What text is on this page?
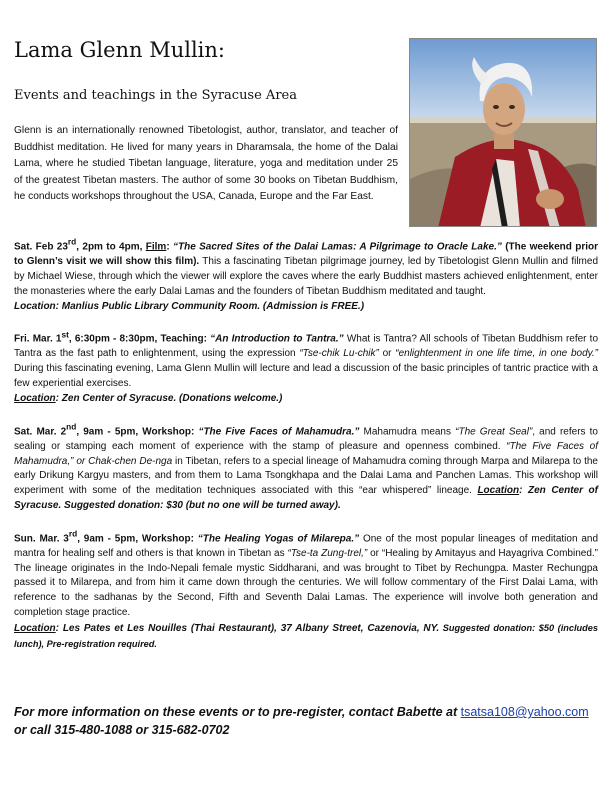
Lama Glenn Mullin:
Events and teachings in the Syracuse Area
Glenn is an internationally renowned Tibetologist, author, translator, and teacher of Buddhist meditation. He lived for many years in Dharamsala, the home of the Dalai Lama, where he studied Tibetan language, literature, yoga and meditation under 25 of the greatest Tibetan masters. The author of some 30 books on Tibetan Buddhism, he conducts workshops throughout the USA, Canada, Europe and the Far East.

Sat. Feb 23rd, 2pm to 4pm, Film: “The Sacred Sites of the Dalai Lamas: A Pilgrimage to Oracle Lake.” (The weekend prior to Glenn’s visit we will show this film). This a fascinating Tibetan pilgrimage journey, led by Tibetologist Glenn Mullin and filmed by Michael Wiese, through which the viewer will explore the caves where the early Buddhist masters achieved enlightenment, enter the monasteries where the early Dalai Lamas and the founders of Tibetan Buddhism meditated and taught.
Location: Manlius Public Library Community Room. (Admission is FREE.)

Fri. Mar. 1st, 6:30pm - 8:30pm, Teaching: “An Introduction to Tantra.” What is Tantra? All schools of Tibetan Buddhism refer to Tantra as the fast path to enlightenment, using the expression “Tse-chik Lu-chik” or “enlightenment in one life time, in one body.” During this fascinating evening, Lama Glenn Mullin will lecture and lead a discussion of the basic principles of tantric practice with a few experiential exercises.
Location: Zen Center of Syracuse. (Donations welcome.)

Sat. Mar. 2nd, 9am - 5pm, Workshop: “The Five Faces of Mahamudra.” Mahamudra means “The Great Seal”, and refers to sealing or stamping each moment of experience with the stamp of pleasure and openness combined. “The Five Faces of Mahamudra,” or Chak-chen De-nga in Tibetan, refers to a special lineage of Mahamudra coming through Marpa and Milarepa to the early Drikung Kargyu masters, and from them to Lama Tsongkhapa and the Dalai Lama and Panchen Lamas. This workshop will experiment with some of the meditation techniques associated with this “ear whispered” lineage. Location: Zen Center of Syracuse. Suggested donation: $30 (but no one will be turned away).

Sun. Mar. 3rd, 9am - 5pm, Workshop: “The Healing Yogas of Milarepa.” One of the most popular lineages of meditation and mantra for healing self and others is that known in Tibetan as “Tse-ta Zung-trel,” or “Healing by Amitayus and Hayagriva Combined.” The lineage originates in the Indo-Nepali female mystic Siddharani, and was brought to Tibet by Rechungpa. Master Rechungpa passed it to Milarepa, and from him it came down through the centuries. We will follow commentary of the First Dalai Lama, with reference to the sadhanas by the Second, Fifth and Seventh Dalai Lamas. The experience will involve both generation and completion stage practice.
Location: Les Pates et Les Nouilles (Thai Restaurant), 37 Albany Street, Cazenovia, NY. Suggested donation: $50 (includes lunch), Pre-registration required.

For more information on these events or to pre-register, contact Babette at tsatsa108@yahoo.com
or call 315-480-1088 or 315-682-0702
